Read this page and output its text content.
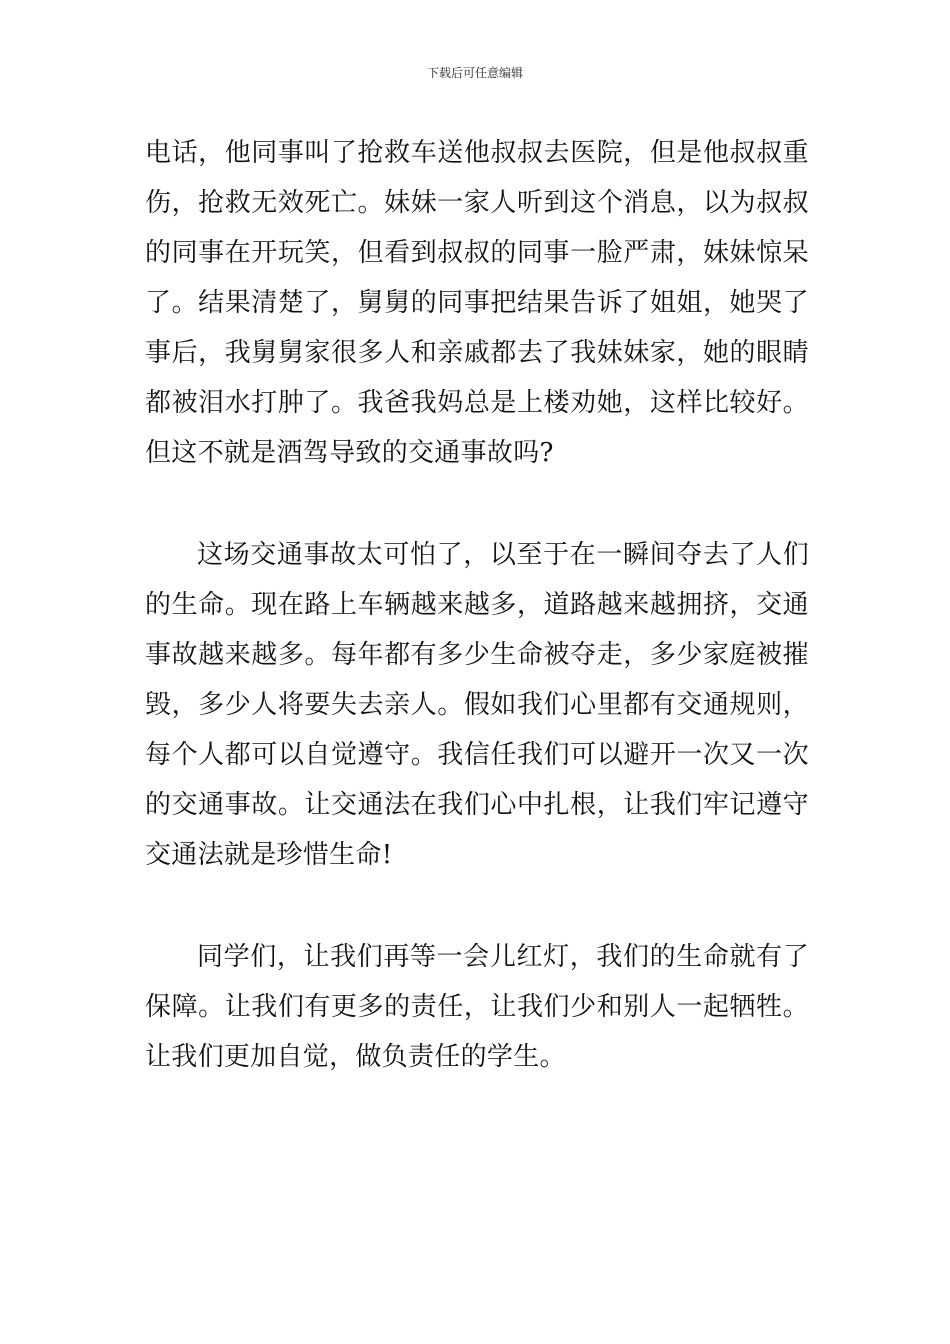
下载后可任意编辑
电话，他同事叫了抢救车送他叔叔去医院，但是他叔叔重
伤，抢救无效死亡。妹妹一家人听到这个消息，以为叔叔
的同事在开玩笑，但看到叔叔的同事一脸严肃，妹妹惊呆
了。结果清楚了，舅舅的同事把结果告诉了姐姐，她哭了
事后，我舅舅家很多人和亲戚都去了我妹妹家，她的眼睛
都被泪水打肿了。我爸我妈总是上楼劝她，这样比较好。
但这不就是酒驾导致的交通事故吗?
这场交通事故太可怕了，以至于在一瞬间夺去了人们
的生命。现在路上车辆越来越多，道路越来越拥挤，交通
事故越来越多。每年都有多少生命被夺走，多少家庭被摧
毁，多少人将要失去亲人。假如我们心里都有交通规则，
每个人都可以自觉遵守。我信任我们可以避开一次又一次
的交通事故。让交通法在我们心中扎根，让我们牢记遵守
交通法就是珍惜生命!
同学们，让我们再等一会儿红灯，我们的生命就有了
保障。让我们有更多的责任，让我们少和别人一起牺牲。
让我们更加自觉，做负责任的学生。
